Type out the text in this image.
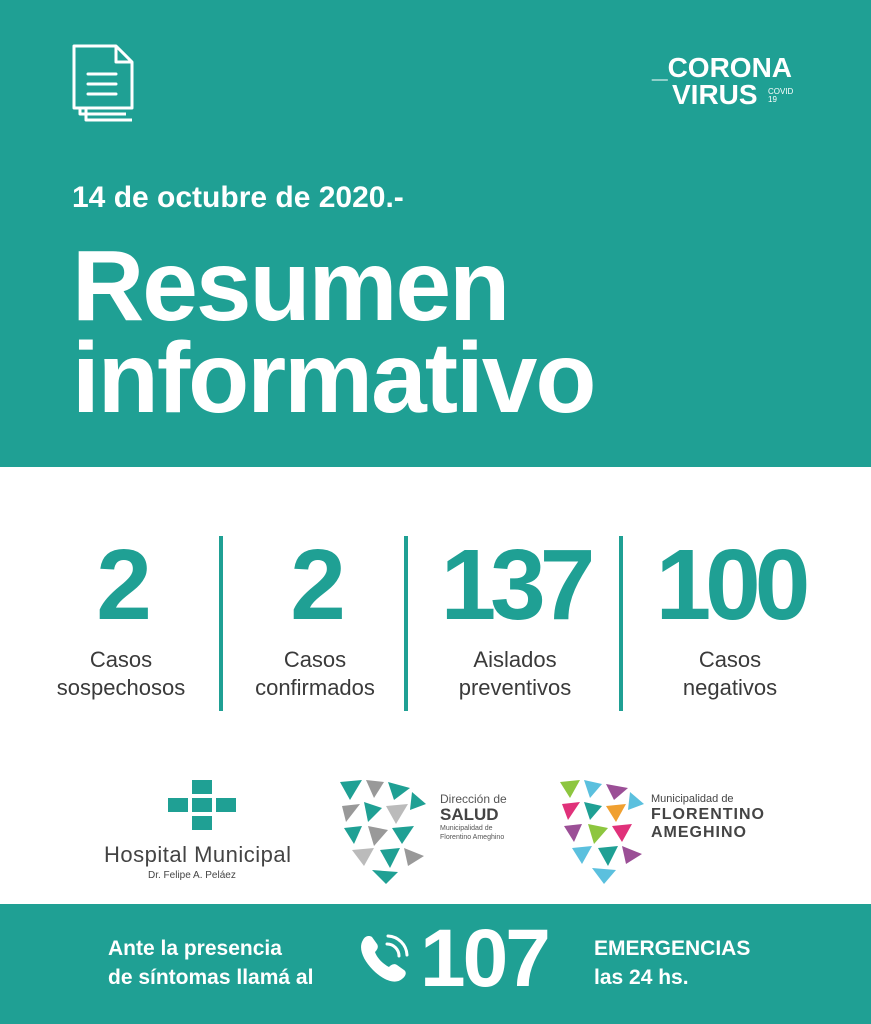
_CORONA
VIRUS COVID
19
14 de octubre de 2020.-
Resumen
informativo
2
Casos
sospechosos
2
Casos
confirmados
137
Aislados
preventivos
100
Casos
negativos
Hospital Municipal
Dr. Felipe A. Peláez
Dirección de
SALUD
Municipalidad de
Florentino Ameghino
Municipalidad de
FLORENTINO
AMEGHINO
Ante la presencia
de síntomas llamá al 107 EMERGENCIAS
las 24 hs.
